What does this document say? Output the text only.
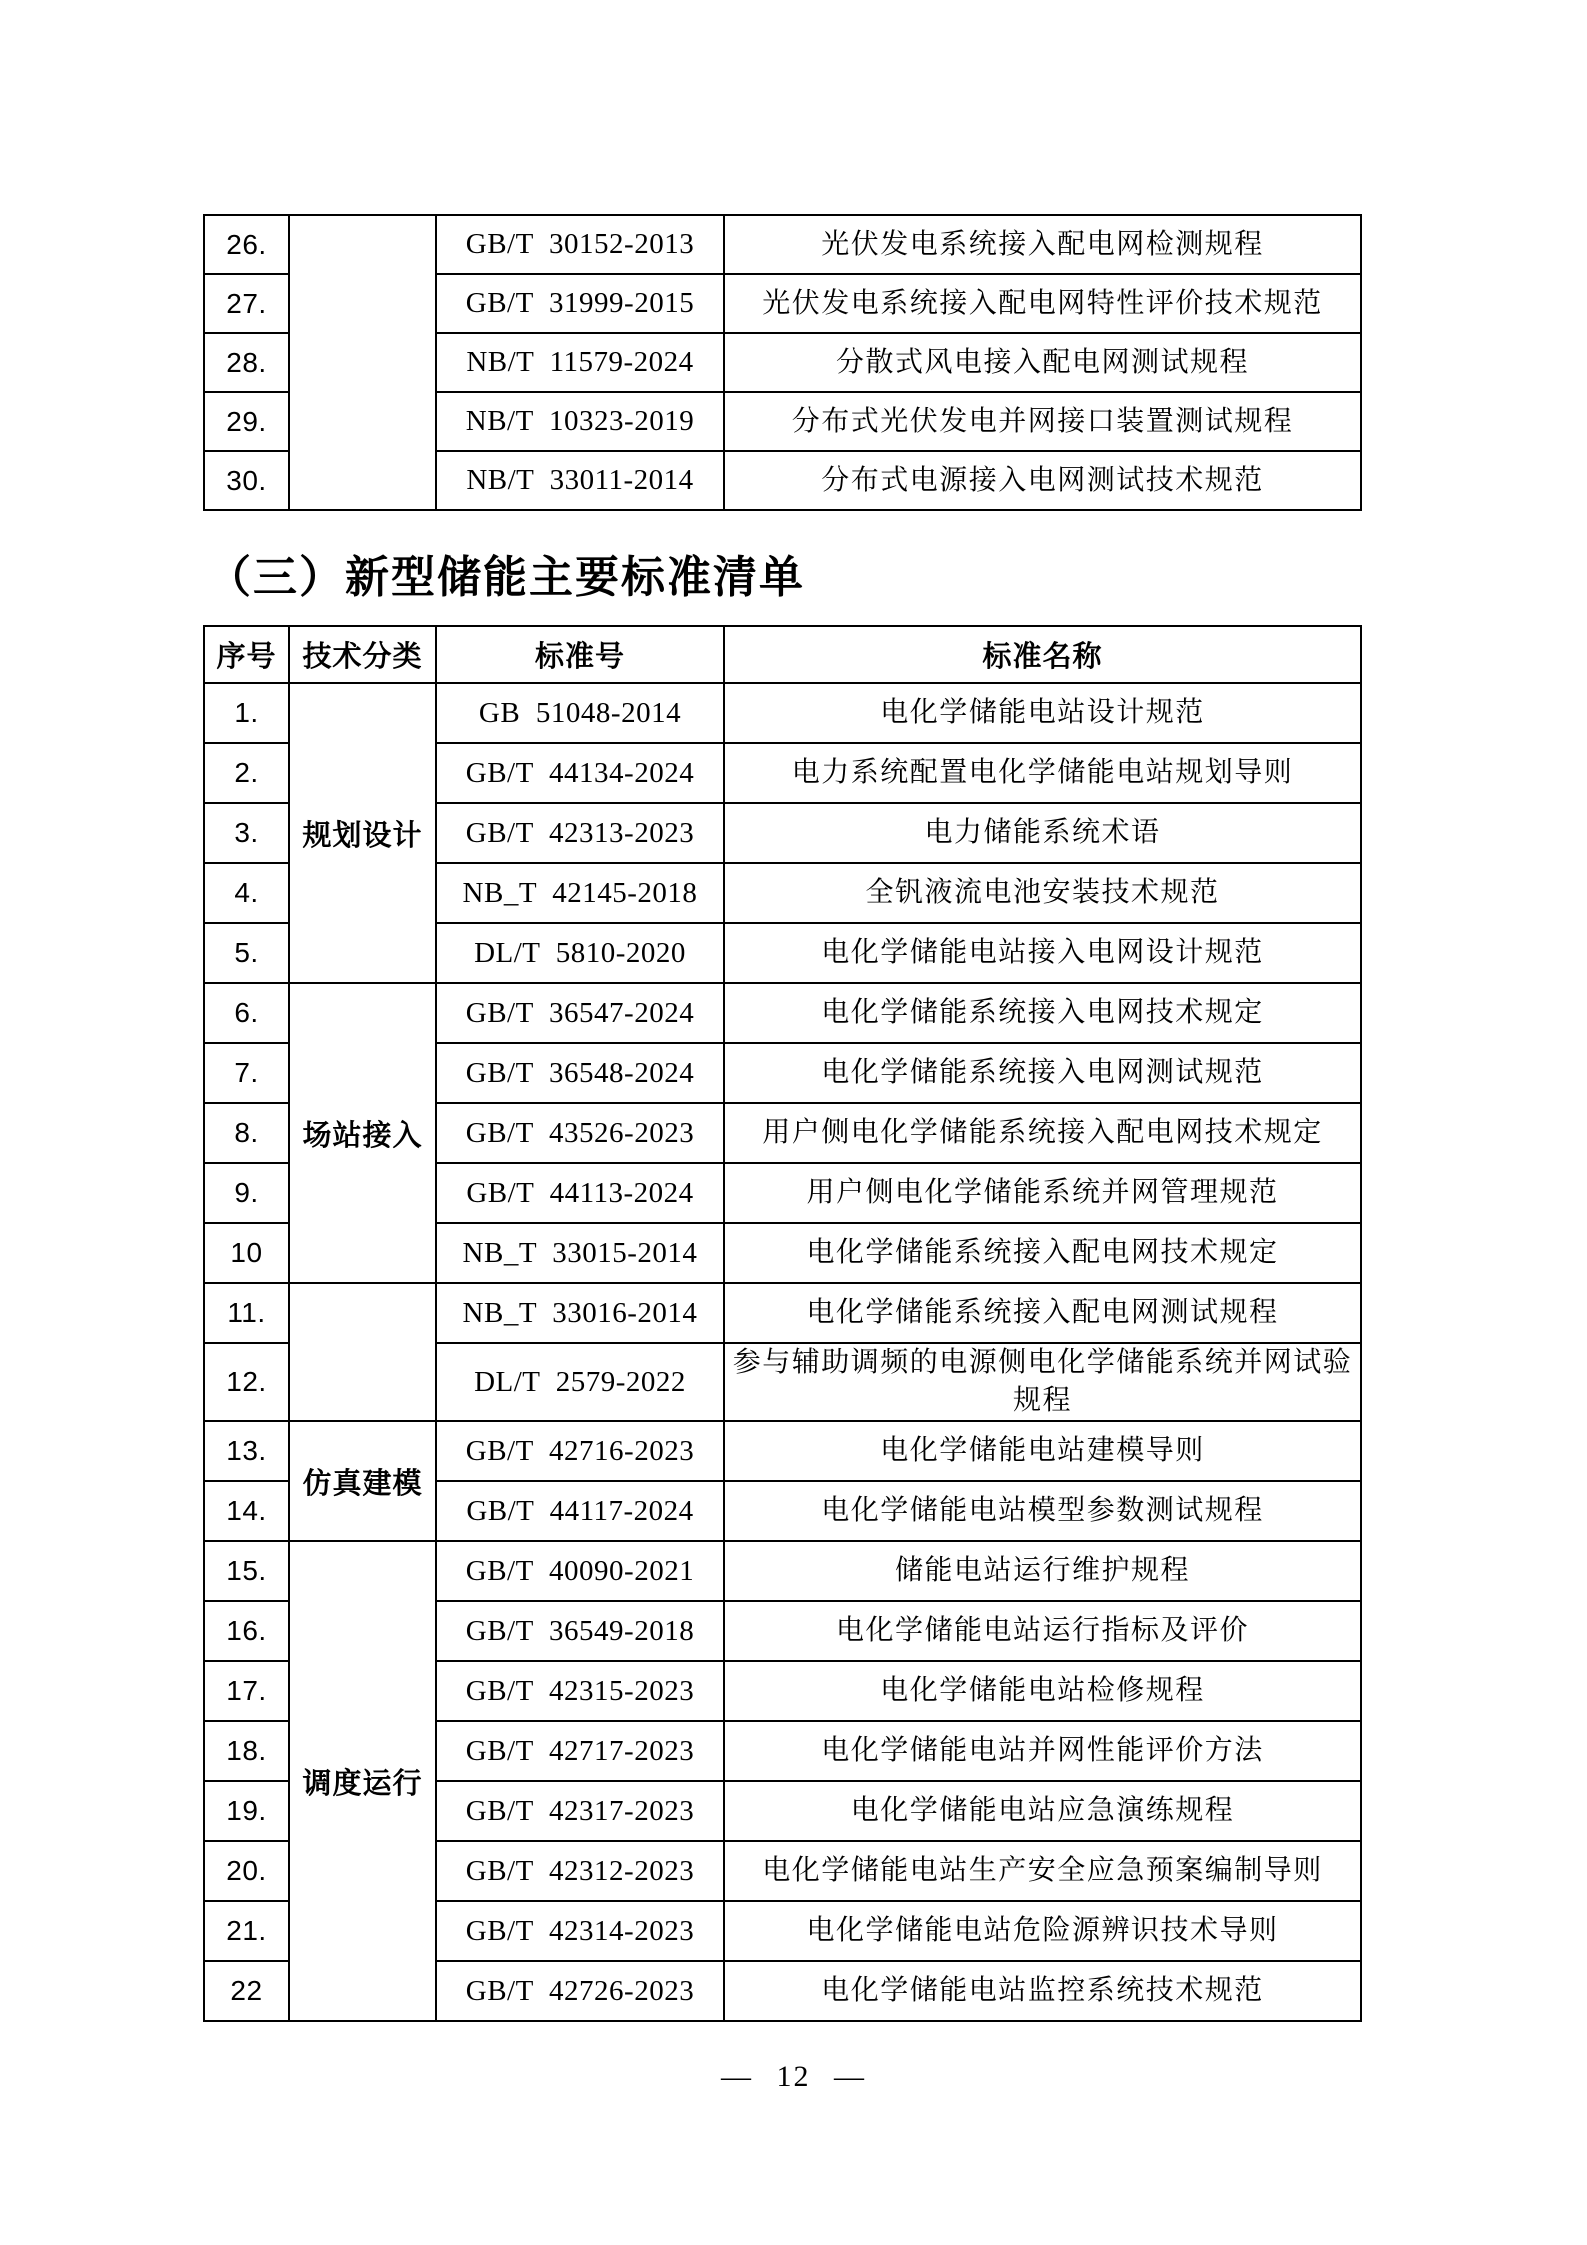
26.		GB/T 30152-2013	光伏发电系统接入配电网检测规程
27.		GB/T 31999-2015	光伏发电系统接入配电网特性评价技术规范
28.		NB/T 11579-2024	分散式风电接入配电网测试规程
29.		NB/T 10323-2019	分布式光伏发电并网接口装置测试规程
30.		NB/T 33011-2014	分布式电源接入电网测试技术规范
（三）新型储能主要标准清单
序号	技术分类	标准号	标准名称
1.	规划设计	GB 51048-2014	电化学储能电站设计规范
2.		GB/T 44134-2024	电力系统配置电化学储能电站规划导则
3.		GB/T 42313-2023	电力储能系统术语
4.		NB_T 42145-2018	全钒液流电池安装技术规范
5.		DL/T 5810-2020	电化学储能电站接入电网设计规范
6.	场站接入	GB/T 36547-2024	电化学储能系统接入电网技术规定
7.		GB/T 36548-2024	电化学储能系统接入电网测试规范
8.		GB/T 43526-2023	用户侧电化学储能系统接入配电网技术规定
9.		GB/T 44113-2024	用户侧电化学储能系统并网管理规范
10		NB_T 33015-2014	电化学储能系统接入配电网技术规定
11.		NB_T 33016-2014	电化学储能系统接入配电网测试规程
12.		DL/T 2579-2022	参与辅助调频的电源侧电化学储能系统并网试验规程
13.	仿真建模	GB/T 42716-2023	电化学储能电站建模导则
14.		GB/T 44117-2024	电化学储能电站模型参数测试规程
15.	调度运行	GB/T 40090-2021	储能电站运行维护规程
16.		GB/T 36549-2018	电化学储能电站运行指标及评价
17.		GB/T 42315-2023	电化学储能电站检修规程
18.		GB/T 42717-2023	电化学储能电站并网性能评价方法
19.		GB/T 42317-2023	电化学储能电站应急演练规程
20.		GB/T 42312-2023	电化学储能电站生产安全应急预案编制导则
21.		GB/T 42314-2023	电化学储能电站危险源辨识技术导则
22		GB/T 42726-2023	电化学储能电站监控系统技术规范
— 12 —
